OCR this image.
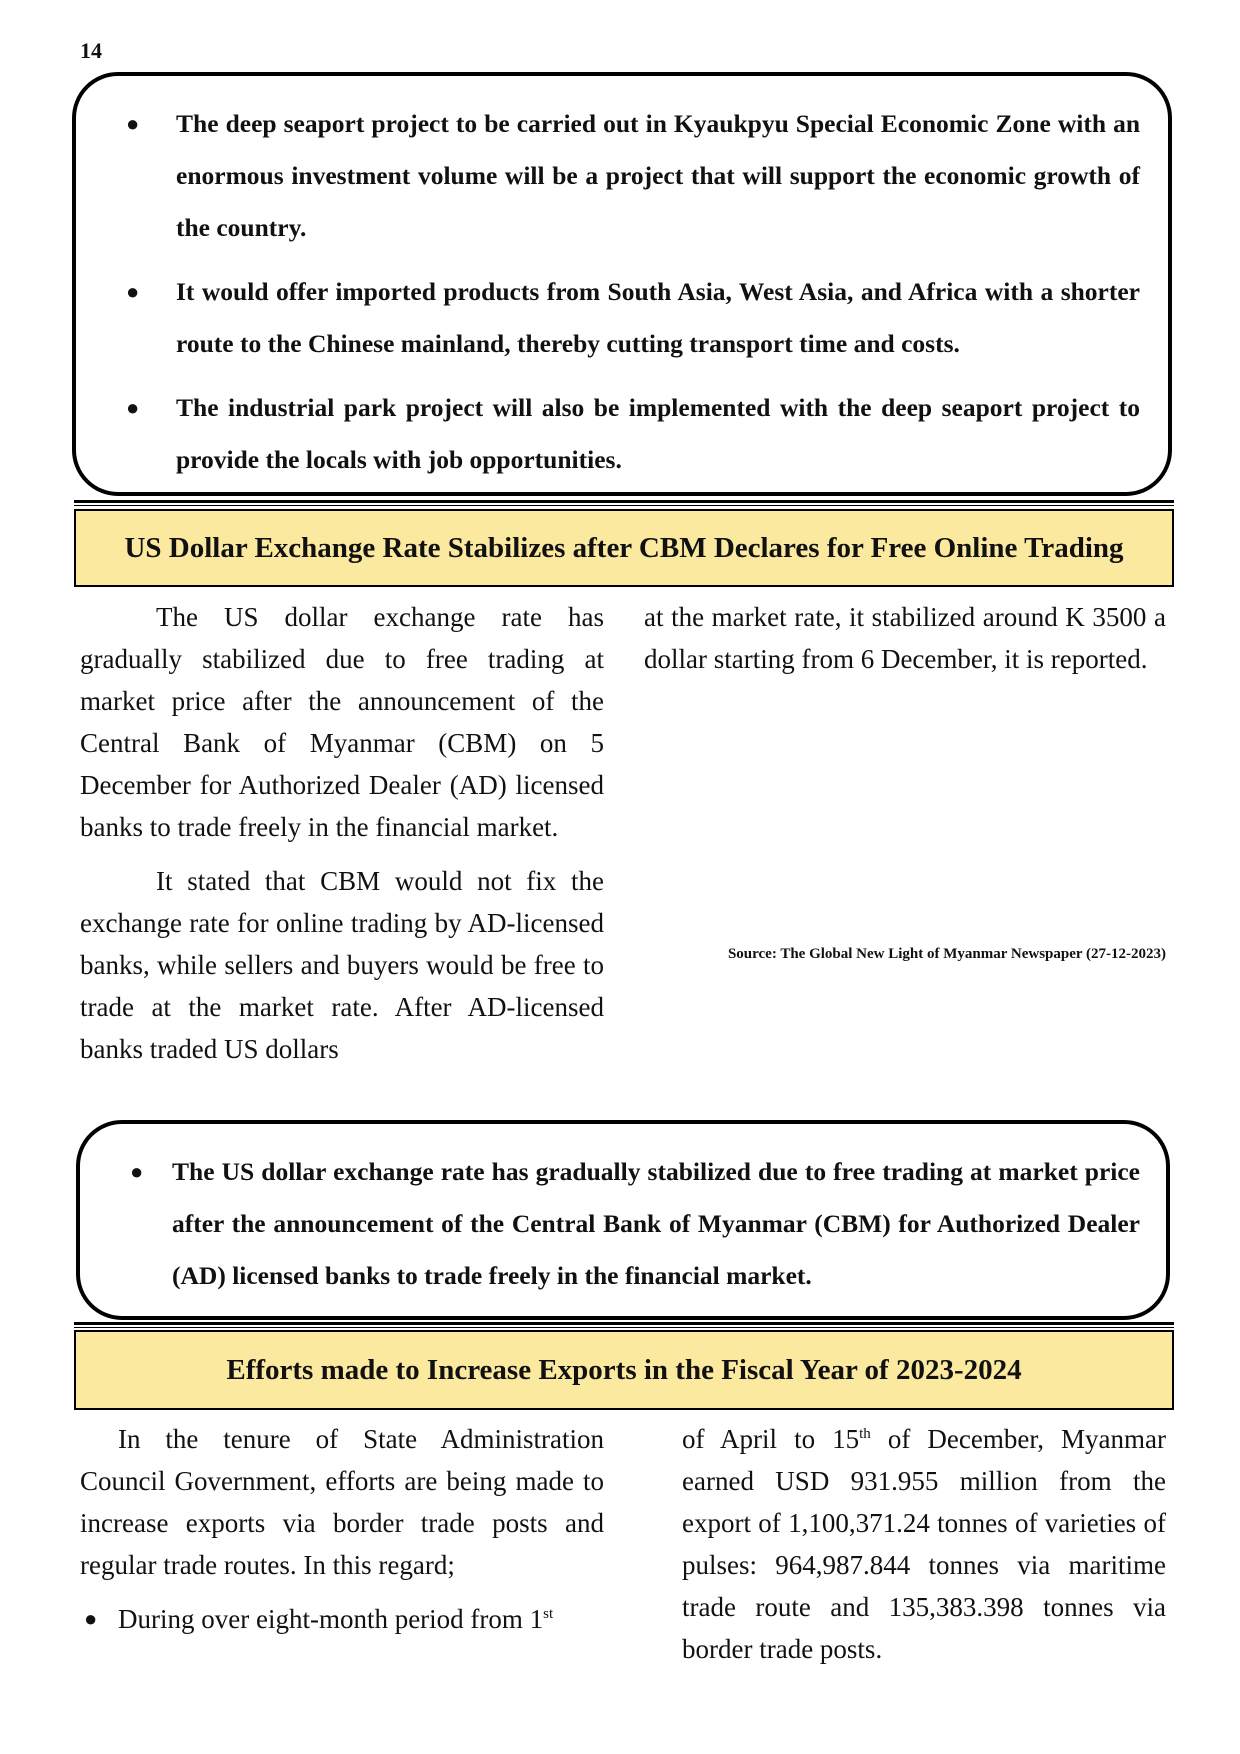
14
● The deep seaport project to be carried out in Kyaukpyu Special Economic Zone with an enormous investment volume will be a project that will support the economic growth of the country.
● It would offer imported products from South Asia, West Asia, and Africa with a shorter route to the Chinese mainland, thereby cutting transport time and costs.
● The industrial park project will also be implemented with the deep seaport project to provide the locals with job opportunities.
US Dollar Exchange Rate Stabilizes after CBM Declares for Free Online Trading

The US dollar exchange rate has gradually stabilized due to free trading at market price after the announcement of the Central Bank of Myanmar (CBM) on 5 December for Authorized Dealer (AD) licensed banks to trade freely in the financial market.

It stated that CBM would not fix the exchange rate for online trading by AD-licensed banks, while sellers and buyers would be free to trade at the market rate. After AD-licensed banks traded US dollars

at the market rate, it stabilized around K 3500 a dollar starting from 6 December, it is reported.

Source: The Global New Light of Myanmar Newspaper (27-12-2023)
● The US dollar exchange rate has gradually stabilized due to free trading at market price after the announcement of the Central Bank of Myanmar (CBM) for Authorized Dealer (AD) licensed banks to trade freely in the financial market.
Efforts made to Increase Exports in the Fiscal Year of 2023-2024

In the tenure of State Administration Council Government, efforts are being made to increase exports via border trade posts and regular trade routes. In this regard;

● During over eight-month period from 1st

of April to 15th of December, Myanmar earned USD 931.955 million from the export of 1,100,371.24 tonnes of varieties of pulses: 964,987.844 tonnes via maritime trade route and 135,383.398 tonnes via border trade posts.
